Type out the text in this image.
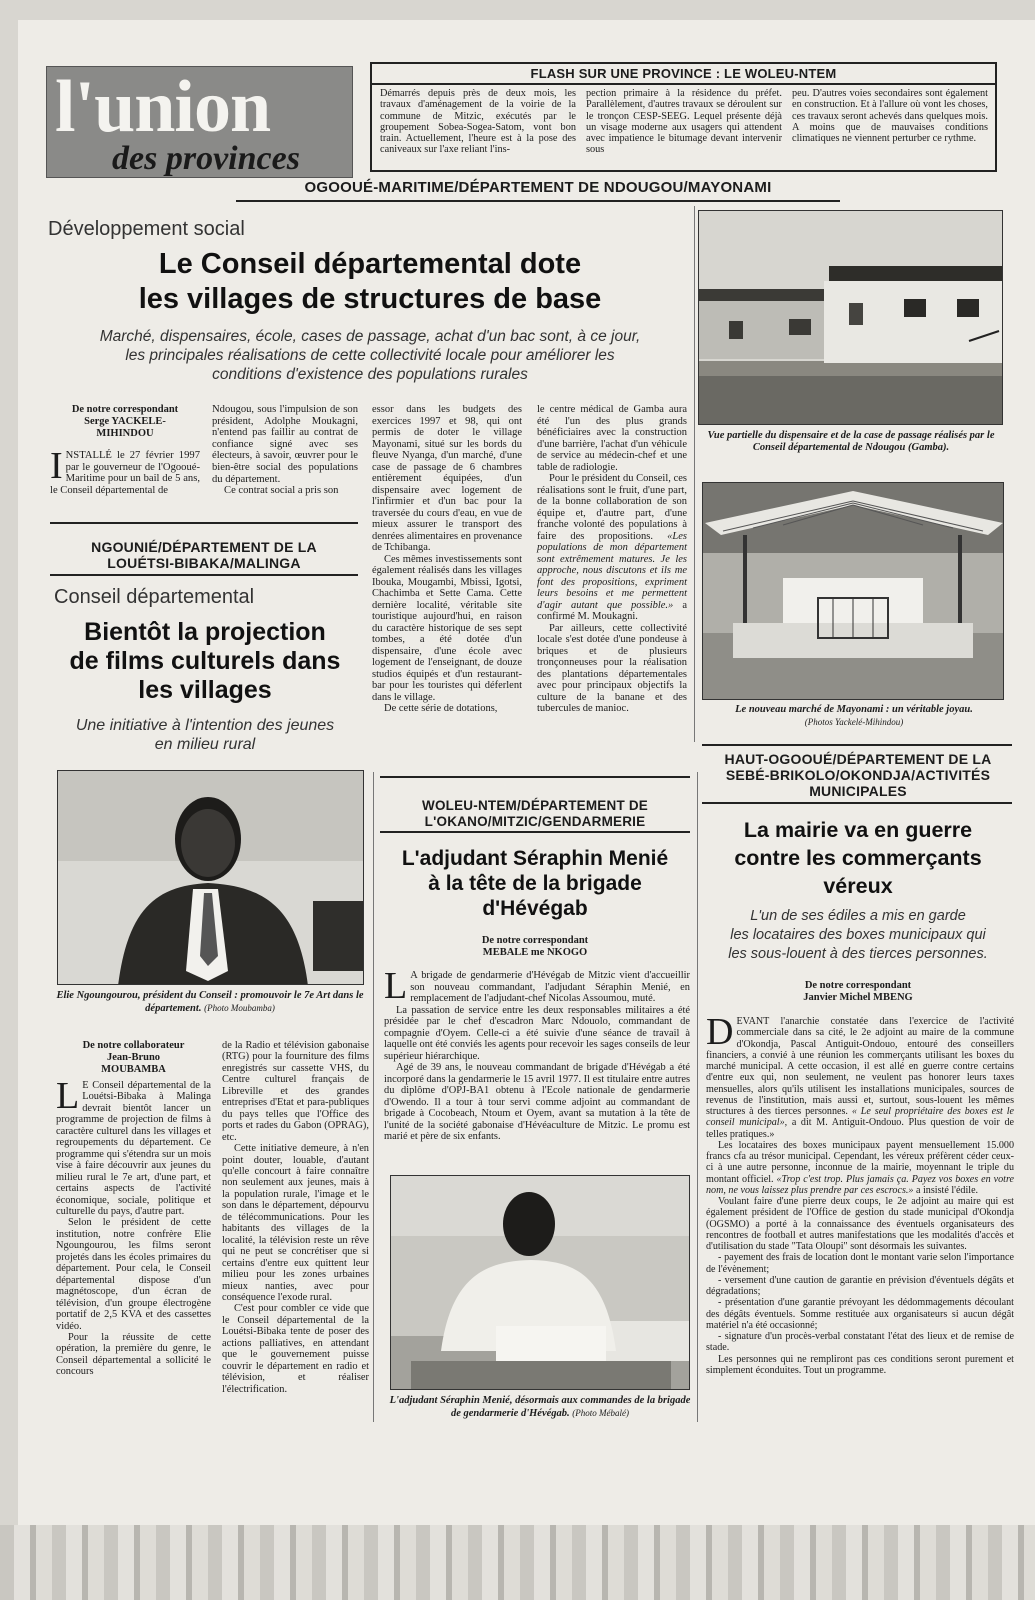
l'union
des provinces
FLASH SUR UNE PROVINCE : LE WOLEU-NTEM
Démarrés depuis près de deux mois, les travaux d'aménagement de la voirie de la commune de Mitzic, exécutés par le groupement Sobea-Sogea-Satom, vont bon train. Actuellement, l'heure est à la pose des caniveaux sur l'axe reliant l'ins-
pection primaire à la résidence du préfet. Parallèlement, d'autres travaux se déroulent sur le tronçon CESP-SEEG. Lequel présente déjà un visage moderne aux usagers qui attendent avec impatience le bitumage devant intervenir sous
peu. D'autres voies secondaires sont également en construction. Et à l'allure où vont les choses, ces travaux seront achevés dans quelques mois. A moins que de mauvaises conditions climatiques ne viennent perturber ce rythme.
OGOOUÉ-MARITIME/DÉPARTEMENT DE NDOUGOU/MAYONAMI
Développement social
Le Conseil départemental dote
les villages de structures de base
Marché, dispensaires, école, cases de passage, achat d'un bac sont, à ce jour,
les principales réalisations de cette collectivité locale pour améliorer les
conditions d'existence des populations rurales
De notre correspondant
Serge YACKELE-
MIHINDOU
INSTALLÉ le 27 février 1997 par le gouverneur de l'Ogooué-Maritime pour un bail de 5 ans, le Conseil départemental de

Ndougou, sous l'impulsion de son président, Adolphe Moukagni, n'entend pas faillir au contrat de confiance signé avec ses électeurs, à savoir, œuvrer pour le bien-être social des populations du département.

Ce contrat social a pris son

essor dans les budgets des exercices 1997 et 98, qui ont permis de doter le village Mayonami, situé sur les bords du fleuve Nyanga, d'un marché, d'une case de passage de 6 chambres entièrement équipées, d'un dispensaire avec logement de l'infirmier et d'un bac pour la traversée du cours d'eau, en vue de mieux assurer le transport des denrées alimentaires en provenance de Tchibanga.

Ces mêmes investissements sont également réalisés dans les villages Ibouka, Mougambi, Mbissi, Igotsi, Chachimba et Sette Cama. Cette dernière localité, véritable site touristique aujourd'hui, en raison du caractère historique de ses sept tombes, a été dotée d'un dispensaire, d'une école avec logement de l'enseignant, de douze studios équipés et d'un restaurant-bar pour les touristes qui déferlent dans le village.

De cette série de dotations,

le centre médical de Gamba aura été l'un des plus grands bénéficiaires avec la construction d'une barrière, l'achat d'un véhicule de service au médecin-chef et une table de radiologie.

Pour le président du Conseil, ces réalisations sont le fruit, d'une part, de la bonne collaboration de son équipe et, d'autre part, d'une franche volonté des populations à faire des propositions. «Les populations de mon département sont extrêmement matures. Je les approche, nous discutons et ils me font des propositions, expriment leurs besoins et me permettent d'agir autant que possible.» a confirmé M. Moukagni.

Par ailleurs, cette collectivité locale s'est dotée d'une pondeuse à briques et de plusieurs tronçonneuses pour la réalisation des plantations départementales avec pour principaux objectifs la culture de la banane et des tubercules de manioc.

Vue partielle du dispensaire et de la case de passage réalisés par le Conseil départemental de Ndougou (Gamba).
Le nouveau marché de Mayonami : un véritable joyau.
(Photos Yackelé-Mihindou)
NGOUNIÉ/DÉPARTEMENT DE LA
LOUÉTSI-BIBAKA/MALINGA
Conseil départemental
Bientôt la projection
de films culturels dans
les villages
Une initiative à l'intention des jeunes
en milieu rural
Elie Ngoungourou, président du Conseil : promouvoir le 7e Art dans le département. (Photo Moubamba)
De notre collaborateur
Jean-Bruno
MOUBAMBA

L E Conseil départemental de la Louétsi-Bibaka à Malinga devrait bientôt lancer un programme de projection de films à caractère culturel dans les villages et regroupements du département. Ce programme qui s'étendra sur un mois vise à faire découvrir aux jeunes du milieu rural le 7e art, d'une part, et certains aspects de l'activité économique, sociale, politique et culturelle du pays, d'autre part.

Selon le président de cette institution, notre confrère Elie Ngoungourou, les films seront projetés dans les écoles primaires du département. Pour cela, le Conseil départemental dispose d'un magnétoscope, d'un écran de télévision, d'un groupe électrogène portatif de 2,5 KVA et des cassettes vidéo.

Pour la réussite de cette opération, la première du genre, le Conseil départemental a sollicité le concours

de la Radio et télévision gabonaise (RTG) pour la fourniture des films enregistrés sur cassette VHS, du Centre culturel français de Libreville et des grandes entreprises d'Etat et para-publiques du pays telles que l'Office des ports et rades du Gabon (OPRAG), etc.

Cette initiative demeure, à n'en point douter, louable, d'autant qu'elle concourt à faire connaître non seulement aux jeunes, mais à la population rurale, l'image et le son dans le département, dépourvu de télécommunications. Pour les habitants des villages de la localité, la télévision reste un rêve qui ne peut se concrétiser que si certains d'entre eux quittent leur milieu pour les zones urbaines mieux nanties, avec pour conséquence l'exode rural.

C'est pour combler ce vide que le Conseil départemental de la Louétsi-Bibaka tente de poser des actions palliatives, en attendant que le gouvernement puisse couvrir le département en radio et télévision, et réaliser l'électrification.

WOLEU-NTEM/DÉPARTEMENT DE
L'OKANO/MITZIC/GENDARMERIE
L'adjudant Séraphin Menié
à la tête de la brigade
d'Hévégab
De notre correspondant
MEBALE me NKOGO

L A brigade de gendarmerie d'Hévégab de Mitzic vient d'accueillir son nouveau commandant, l'adjudant Séraphin Menié, en remplacement de l'adjudant-chef Nicolas Assoumou, muté.

La passation de service entre les deux responsables militaires a été présidée par le chef d'escadron Marc Ndouolo, commandant de compagnie d'Oyem. Celle-ci a été suivie d'une séance de travail à laquelle ont été conviés les agents pour recevoir les sages conseils de leur supérieur hiérarchique.

Agé de 39 ans, le nouveau commandant de brigade d'Hévégab a été incorporé dans la gendarmerie le 15 avril 1977. Il est titulaire entre autres du diplôme d'OPJ-BA1 obtenu à l'Ecole nationale de gendarmerie d'Owendo. Il a tour à tour servi comme adjoint au commandant de brigade à Cocobeach, Ntoum et Oyem, avant sa mutation à la tête de l'unité de la société gabonaise d'Hévéaculture de Mitzic. Le promu est marié et père de six enfants.

L'adjudant Séraphin Menié, désormais aux commandes de la brigade de gendarmerie d'Hévégab. (Photo Mébalé)
HAUT-OGOOUÉ/DÉPARTEMENT DE LA
SEBÉ-BRIKOLO/OKONDJA/ACTIVITÉS
MUNICIPALES
La mairie va en guerre
contre les commerçants
véreux
L'un de ses édiles a mis en garde
les locataires des boxes municipaux qui
les sous-louent à des tierces personnes.
De notre correspondant
Janvier Michel MBENG

DEVANT l'anarchie constatée dans l'exercice de l'activité commerciale dans sa cité, le 2e adjoint au maire de la commune d'Okondja, Pascal Antiguit-Ondouo, entouré des conseillers financiers, a convié à une réunion les commerçants utilisant les boxes du marché municipal. A cette occasion, il est allé en guerre contre certains d'entre eux qui, non seulement, ne veulent pas honorer leurs taxes mensuelles, alors qu'ils utilisent les installations municipales, sources de revenus de l'institution, mais aussi et, surtout, sous-louent les mêmes structures à des tierces personnes. « Le seul propriétaire des boxes est le conseil municipal», a dit M. Antiguit-Ondouo. Plus question de voir de telles pratiques.»

Les locataires des boxes municipaux payent mensuellement 15.000 francs cfa au trésor municipal. Cependant, les véreux préfèrent céder ceux-ci à une autre personne, inconnue de la mairie, moyennant le triple du montant officiel. «Trop c'est trop. Plus jamais ça. Payez vos boxes en votre nom, ne vous laissez plus prendre par ces escrocs.» a insisté l'édile.

Voulant faire d'une pierre deux coups, le 2e adjoint au maire qui est également président de l'Office de gestion du stade municipal d'Okondja (OGSMO) a porté à la connaissance des éventuels organisateurs des rencontres de football et autres manifestations que les modalités d'accès et d'utilisation du stade "Tata Oloupi" sont désormais les suivantes.

- payement des frais de location dont le montant varie selon l'importance de l'évènement;

- versement d'une caution de garantie en prévision d'éventuels dégâts et dégradations;

- présentation d'une garantie prévoyant les dédommagements découlant des dégâts éventuels. Somme restituée aux organisateurs si aucun dégât matériel n'a été occasionné;

- signature d'un procès-verbal constatant l'état des lieux et de remise de stade.

Les personnes qui ne rempliront pas ces conditions seront purement et simplement éconduites. Tout un programme.
